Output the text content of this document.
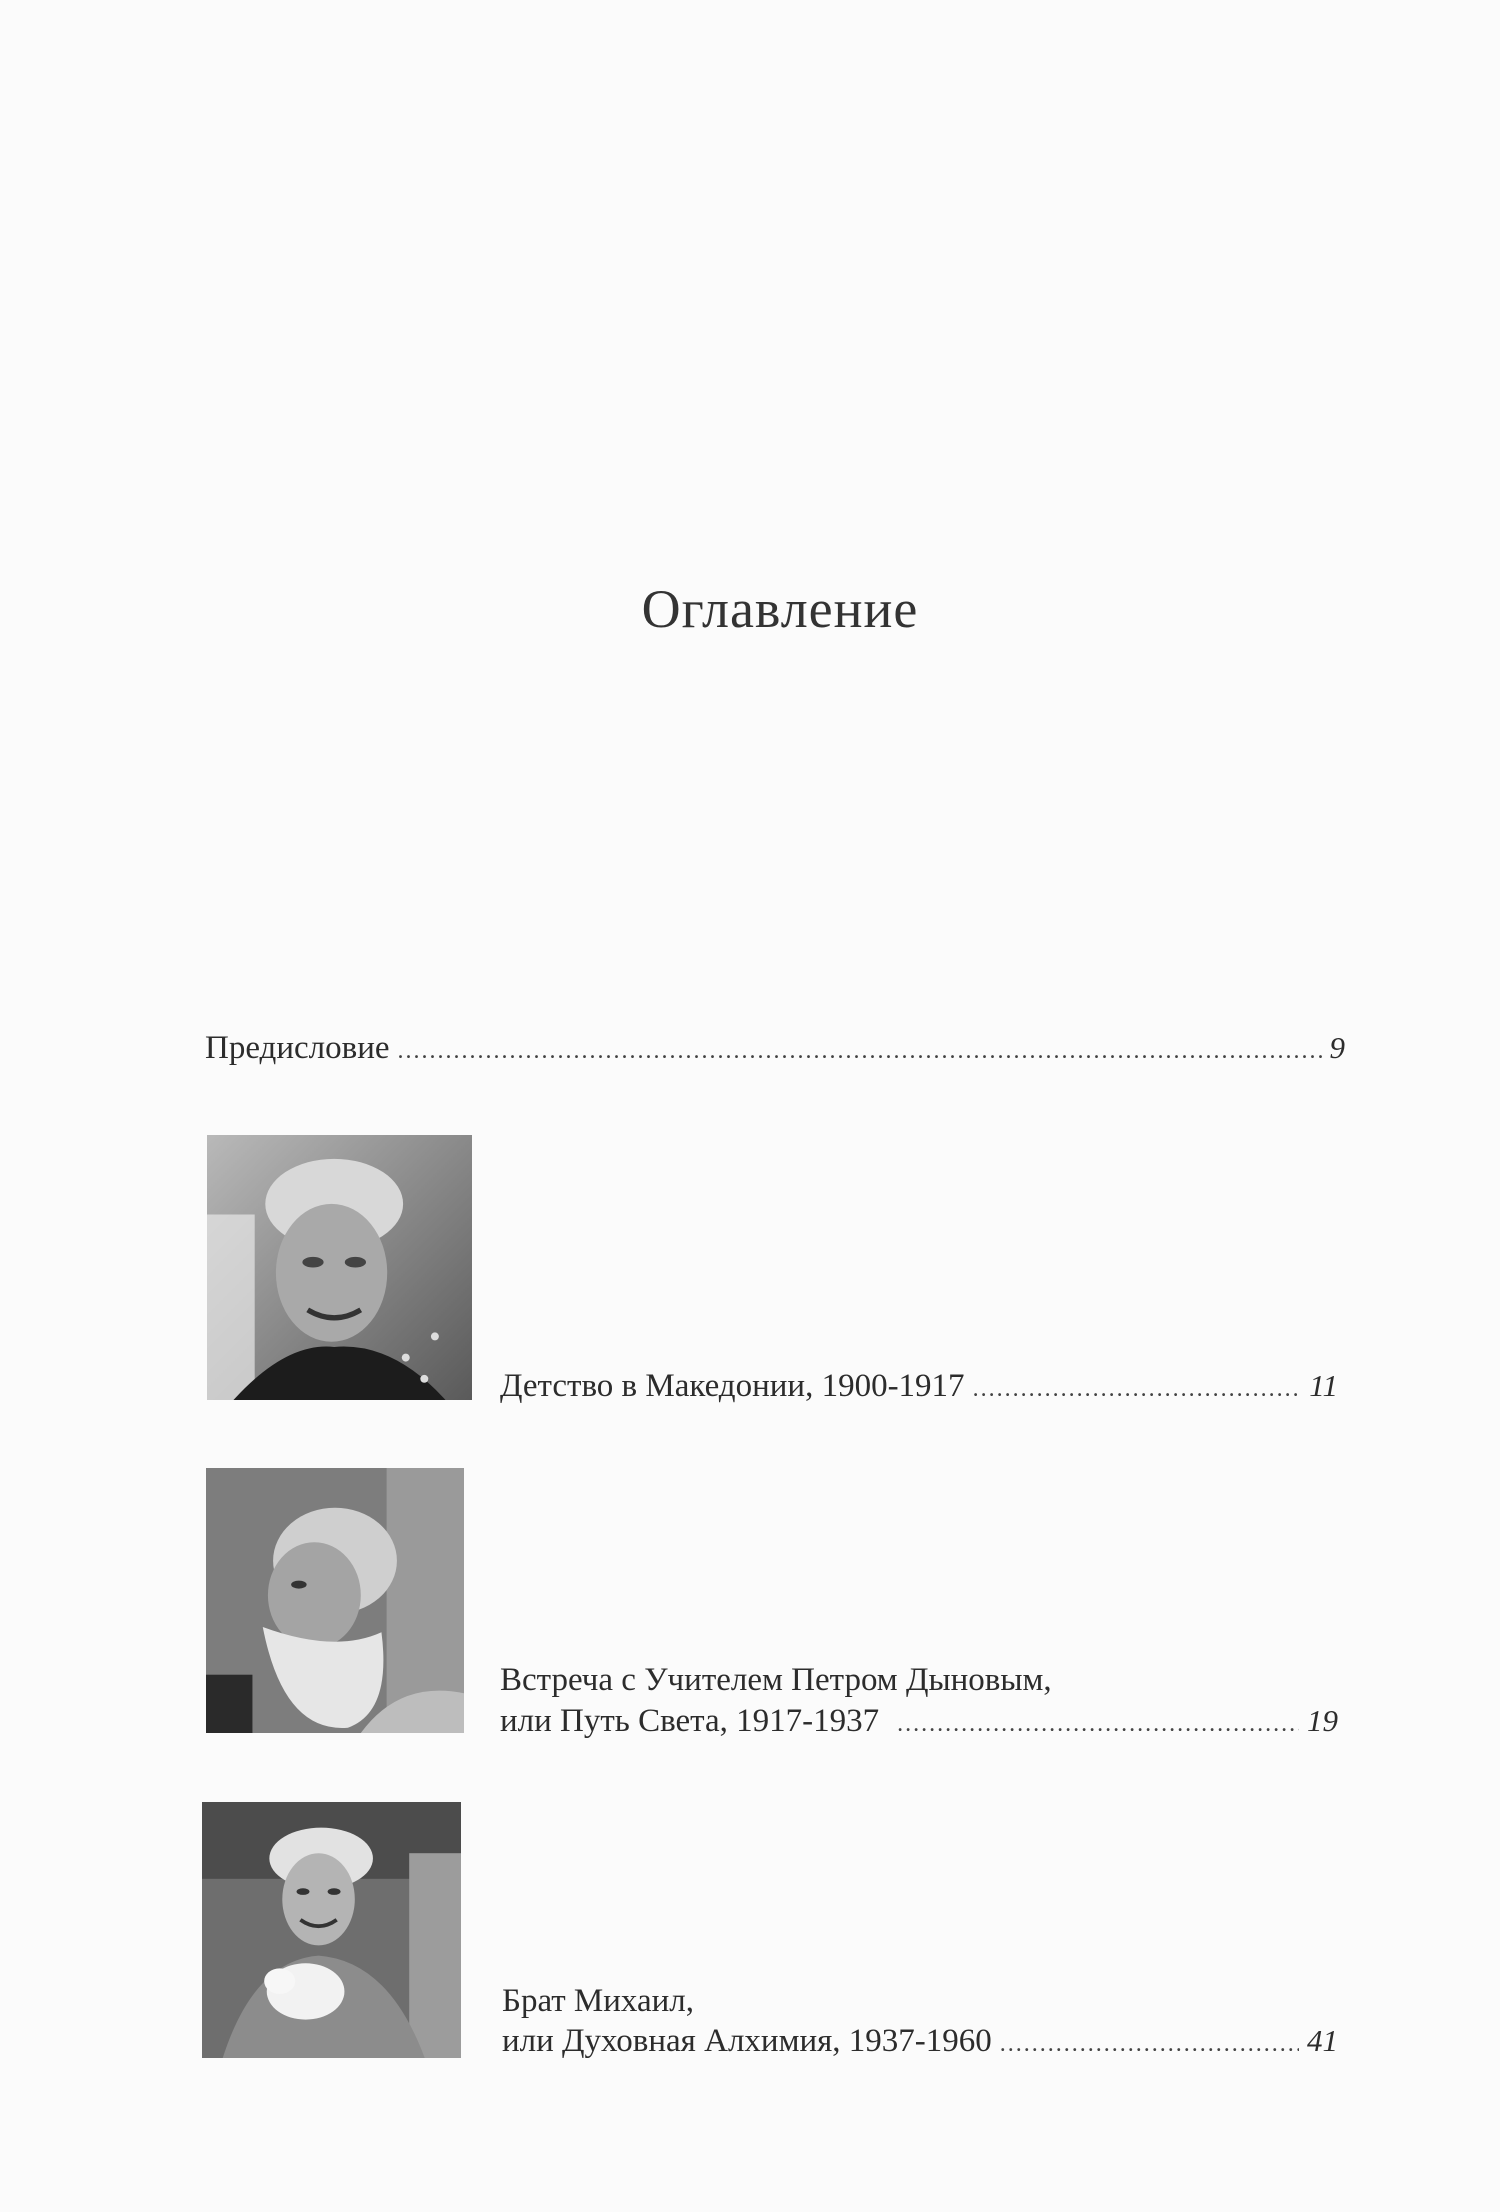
Оглавление
Предисловие .....	9
Детство в Македонии, 1900-1917 .....	11
Встреча с Учителем Петром Дыновым,
или Путь Света, 1917-1937 .....	19
Брат Михаил,
или Духовная Алхимия, 1937-1960 .....	41
